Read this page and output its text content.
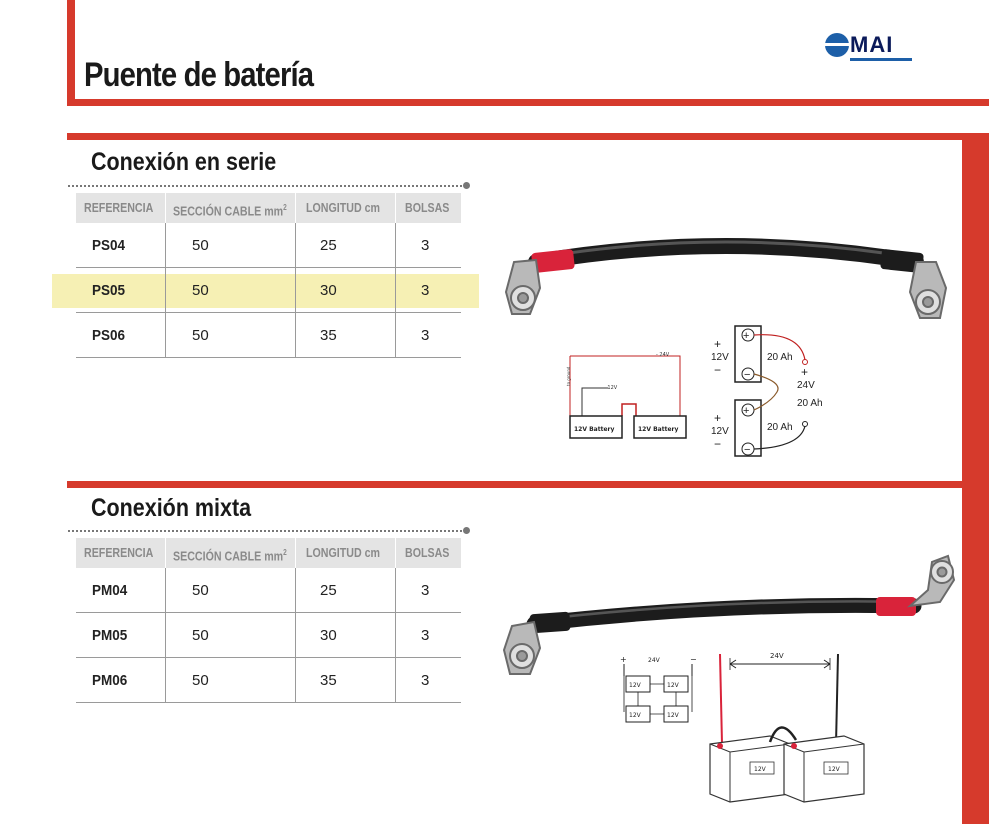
Puente de batería
MAI
Conexión en serie
REFERENCIA SECCIÓN CABLE $mm^2$ LONGITUD cm BOLSAS
PS04	50	25	3
PS05	50	30	3
PS06	50	35	3
- 24V
- 12V
to ground
12V Battery	12V Battery
+
−
+
−
+
12V
−
+
12V
−
20 Ah
+
24V
20 Ah
20 Ah
Conexión mixta
REFERENCIA SECCIÓN CABLE $mm^2$ LONGITUD cm BOLSAS
PM04	50	25	3
PM05	50	30	3
PM06	50	35	3
+	−
24V
12V	12V
12V	12V
24V
12V	12V
